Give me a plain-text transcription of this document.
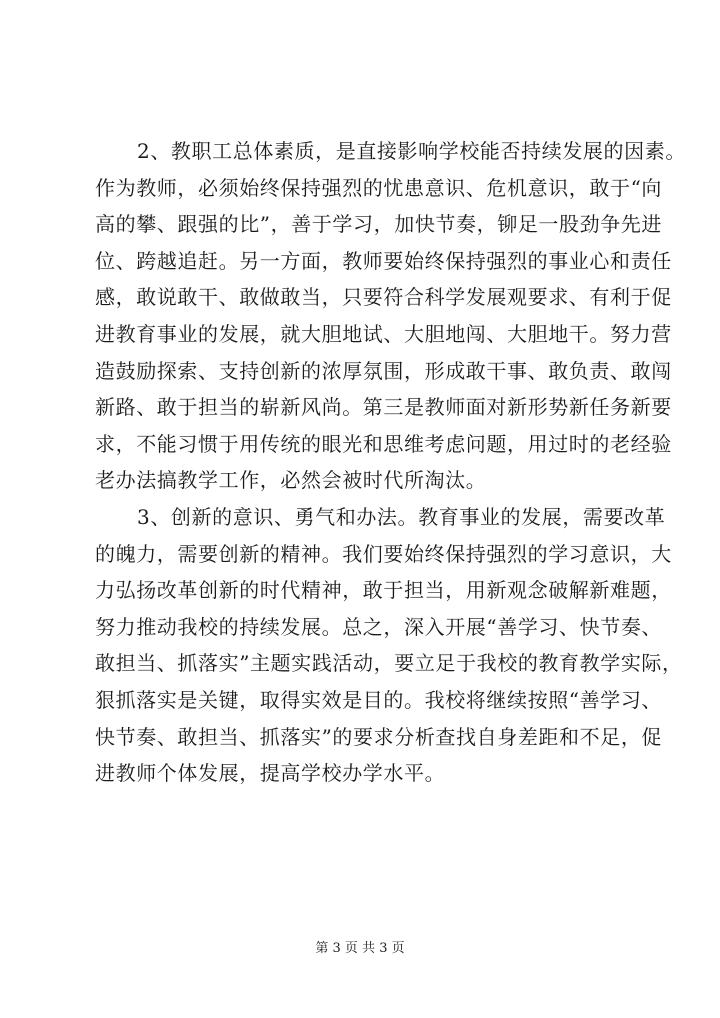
2、教职工总体素质，是直接影响学校能否持续发展的因素。
作为教师，必须始终保持强烈的忧患意识、危机意识，敢于“向
高的攀、跟强的比”，善于学习，加快节奏，铆足一股劲争先进
位、跨越追赶。另一方面，教师要始终保持强烈的事业心和责任
感，敢说敢干、敢做敢当，只要符合科学发展观要求、有利于促
进教育事业的发展，就大胆地试、大胆地闯、大胆地干。努力营
造鼓励探索、支持创新的浓厚氛围，形成敢干事、敢负责、敢闯
新路、敢于担当的崭新风尚。第三是教师面对新形势新任务新要
求，不能习惯于用传统的眼光和思维考虑问题，用过时的老经验
老办法搞教学工作，必然会被时代所淘汰。
3、创新的意识、勇气和办法。教育事业的发展，需要改革
的魄力，需要创新的精神。我们要始终保持强烈的学习意识，大
力弘扬改革创新的时代精神，敢于担当，用新观念破解新难题，
努力推动我校的持续发展。总之，深入开展“善学习、快节奏、
敢担当、抓落实”主题实践活动，要立足于我校的教育教学实际，
狠抓落实是关键，取得实效是目的。我校将继续按照“善学习、
快节奏、敢担当、抓落实”的要求分析查找自身差距和不足，促
进教师个体发展，提高学校办学水平。
第 3 页 共 3 页
